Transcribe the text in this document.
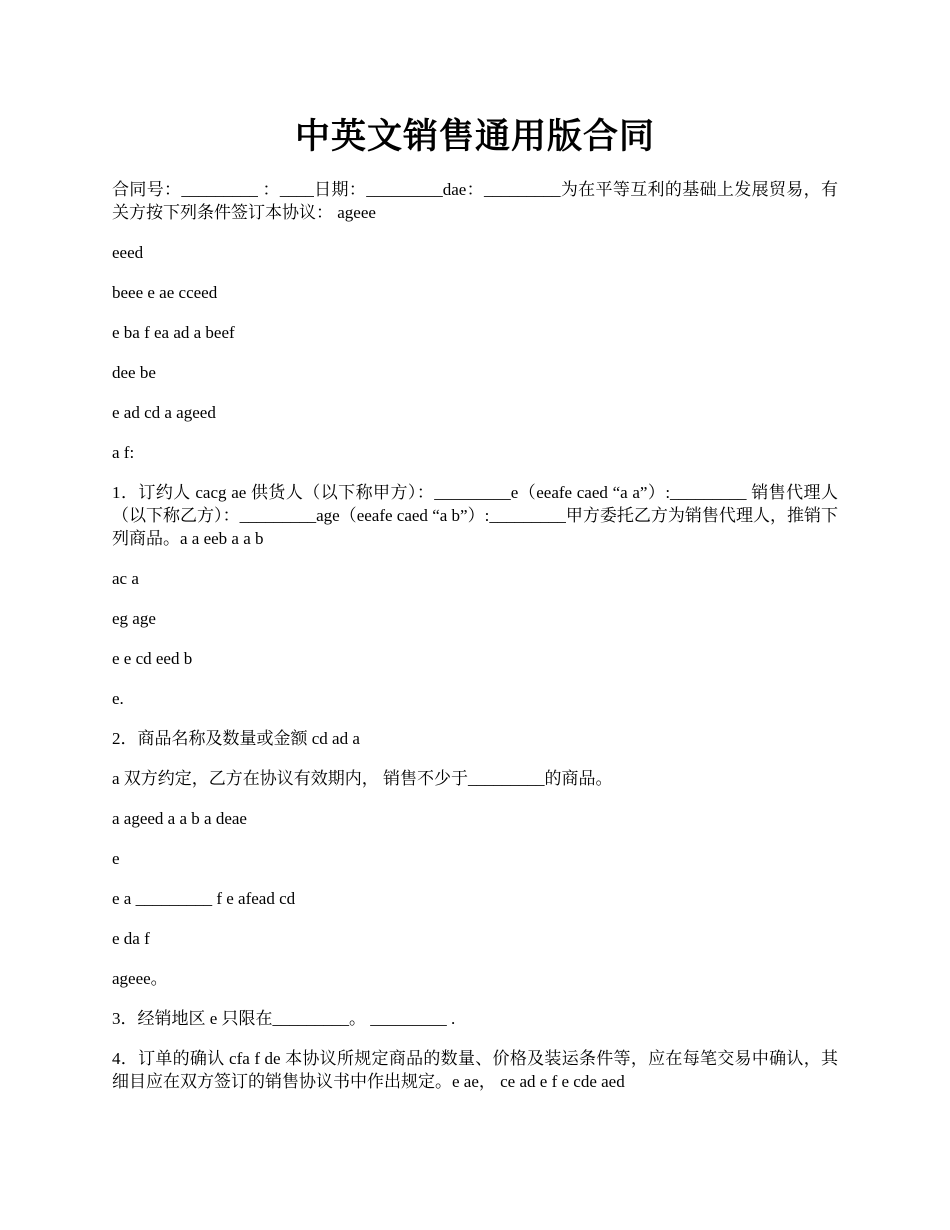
中英文销售通用版合同

合同号：_________ ：____日期：_________dae：_________为在平等互利的基础上发展贸易，有关方按下列条件签订本协议： ageee

eeed

beee e ae cceed

e ba f ea ad a beef

dee be

e ad cd a ageed

a f:

1．订约人 cacg ae 供货人（以下称甲方）：_________e（eeafe caed “a a”）:_________ 销售代理人（以下称乙方）：_________age（eeafe caed “a b”）:_________甲方委托乙方为销售代理人，推销下列商品。a a eeb a a b

ac a

eg age

e e cd eed b

e.

2．商品名称及数量或金额 cd ad a

a 双方约定，乙方在协议有效期内， 销售不少于_________的商品。

a ageed a a b a deae

e

e a _________ f e afead cd

e da f

ageee。

3．经销地区 e 只限在_________。 _________ .

4．订单的确认 cfa f de 本协议所规定商品的数量、价格及装运条件等，应在每笔交易中确认，其细目应在双方签订的销售协议书中作出规定。e ae， ce ad e f e cde aed
